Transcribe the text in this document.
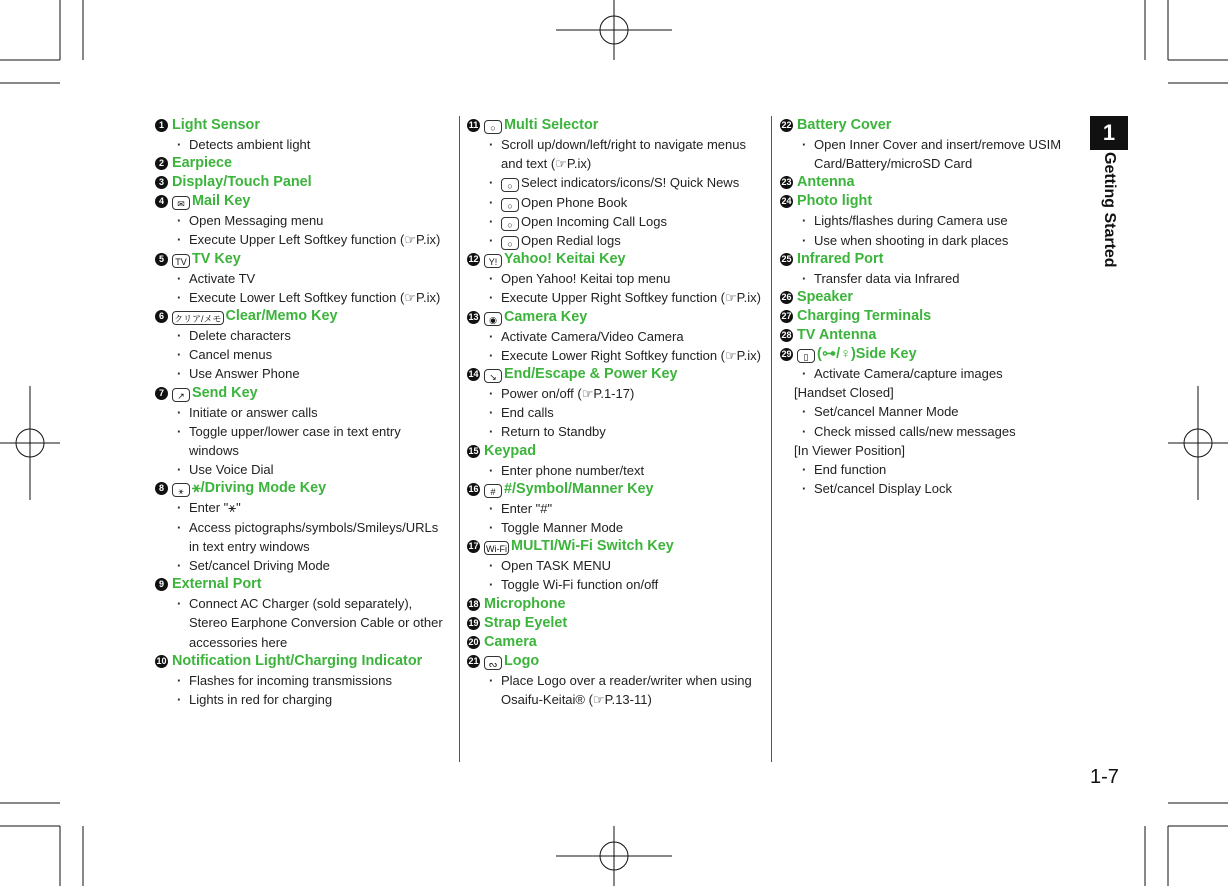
1 Light Sensor
· Detects ambient light
2 Earpiece
3 Display/Touch Panel
4	✉ Mail Key
· Open Messaging menu
· Execute Upper Left Softkey function (☞P.ix)
5	TV TV Key
· Activate TV
· Execute Lower Left Softkey function (☞P.ix)
6	クリア/メモ Clear/Memo Key
· Delete characters
· Cancel menus
· Use Answer Phone
7	↗ Send Key
· Initiate or answer calls
· Toggle upper/lower case in text entry windows
· Use Voice Dial
8	⚹ ⚹/Driving Mode Key
· Enter "⚹"
· Access pictographs/symbols/Smileys/URLs in text entry windows
· Set/cancel Driving Mode
9 External Port
· Connect AC Charger (sold separately), Stereo Earphone Conversion Cable or other accessories here
10 Notification Light/Charging Indicator
· Flashes for incoming transmissions
· Lights in red for charging
11	○ Multi Selector
· Scroll up/down/left/right to navigate menus and text (☞P.ix)
· ○ Select indicators/icons/S! Quick News
· ○ Open Phone Book
· ○ Open Incoming Call Logs
· ○ Open Redial logs
12	Y! Yahoo! Keitai Key
· Open Yahoo! Keitai top menu
· Execute Upper Right Softkey function (☞P.ix)
13	◉ Camera Key
· Activate Camera/Video Camera
· Execute Lower Right Softkey function (☞P.ix)
14	↘ End/Escape & Power Key
· Power on/off (☞P.1-17)
· End calls
· Return to Standby
15 Keypad
· Enter phone number/text
16	# #/Symbol/Manner Key
· Enter "#"
· Toggle Manner Mode
17 Wi-Fi MULTI/Wi-Fi Switch Key
· Open TASK MENU
· Toggle Wi-Fi function on/off
18 Microphone
19 Strap Eyelet
20 Camera
21	ᔓ Logo
· Place Logo over a reader/writer when using Osaifu-Keitai® (☞P.13-11)
22 Battery Cover
· Open Inner Cover and insert/remove USIM Card/Battery/microSD Card
23 Antenna
24 Photo light
· Lights/flashes during Camera use
· Use when shooting in dark places
25 Infrared Port
· Transfer data via Infrared
26 Speaker
27 Charging Terminals
28 TV Antenna
29	▯ (⊶/♀)Side Key
· Activate Camera/capture images
[Handset Closed]
· Set/cancel Manner Mode
· Check missed calls/new messages
[In Viewer Position]
· End function
· Set/cancel Display Lock
1
Getting Started
1-7
